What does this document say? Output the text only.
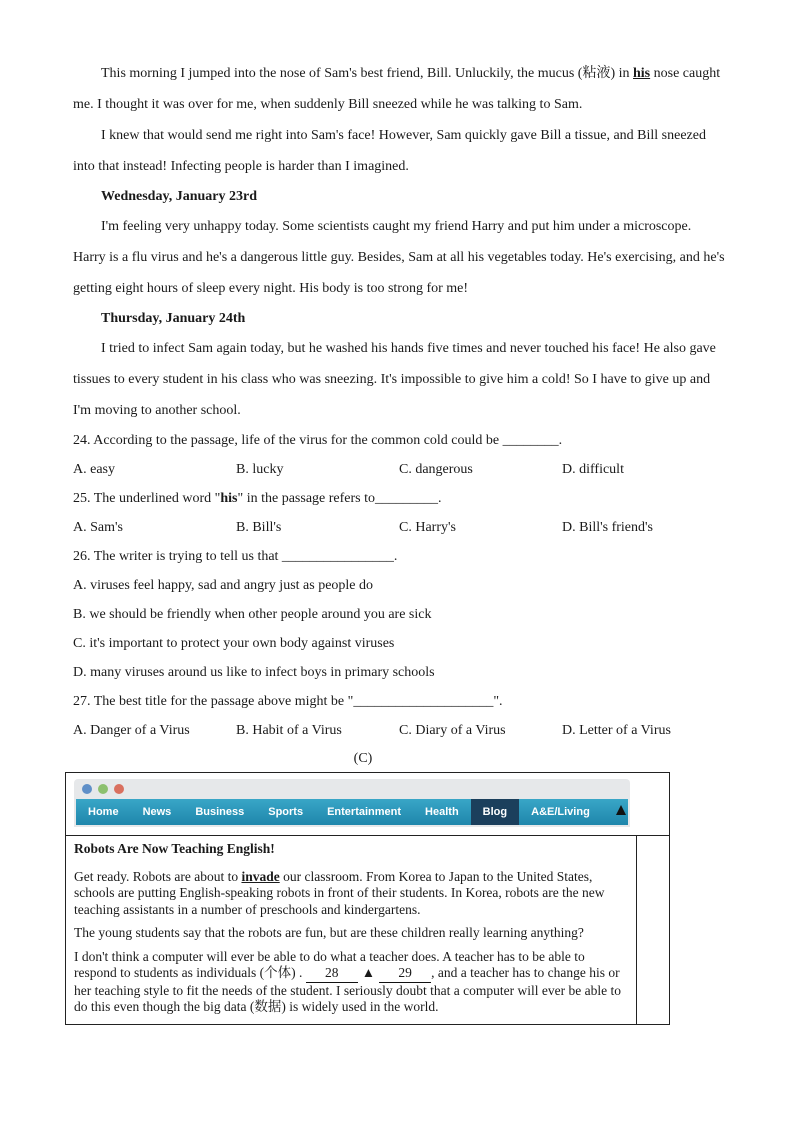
This morning I jumped into the nose of Sam's best friend, Bill. Unluckily, the mucus (粘液) in his nose caught me. I thought it was over for me, when suddenly Bill sneezed while he was talking to Sam.

I knew that would send me right into Sam's face! However, Sam quickly gave Bill a tissue, and Bill sneezed into that instead! Infecting people is harder than I imagined.

Wednesday, January 23rd

I'm feeling very unhappy today. Some scientists caught my friend Harry and put him under a microscope. Harry is a flu virus and he's a dangerous little guy. Besides, Sam at all his vegetables today. He's exercising, and he's getting eight hours of sleep every night. His body is too strong for me!

Thursday, January 24th

I tried to infect Sam again today, but he washed his hands five times and never touched his face! He also gave tissues to every student in his class who was sneezing. It's impossible to give him a cold! So I have to give up and I'm moving to another school.

24. According to the passage, life of the virus for the common cold could be ________.

A. easy	B. lucky	C. dangerous	D. difficult

25. The underlined word "his" in the passage refers to_________.

A. Sam's	B. Bill's	C. Harry's	D. Bill's friend's

26. The writer is trying to tell us that ________________.

A. viruses feel happy, sad and angry just as people do

B. we should be friendly when other people around you are sick

C. it's important to protect your own body against viruses

D. many viruses around us like to infect boys in primary schools

27. The best title for the passage above might be "____________________".

A. Danger of a Virus	B. Habit of a Virus	C. Diary of a Virus	D. Letter of a Virus
(C)
Home	News	Business	Sports	Entertainment	Health	Blog	A&E/Living
Robots Are Now Teaching English!

Get ready. Robots are about to invade our classroom. From Korea to Japan to the United States, schools are putting English-speaking robots in front of their students. In Korea, robots are the new teaching assistants in a number of preschools and kindergartens.

The young students say that the robots are fun, but are these children really learning anything?

I don't think a computer will ever be able to do what a teacher does. A teacher has to be able to respond to students as individuals (个体) . 28 ▲ 29 , and a teacher has to change his or her teaching style to fit the needs of the student. I seriously doubt that a computer will ever be able to do this even though the big data (数据) is widely used in the world.
